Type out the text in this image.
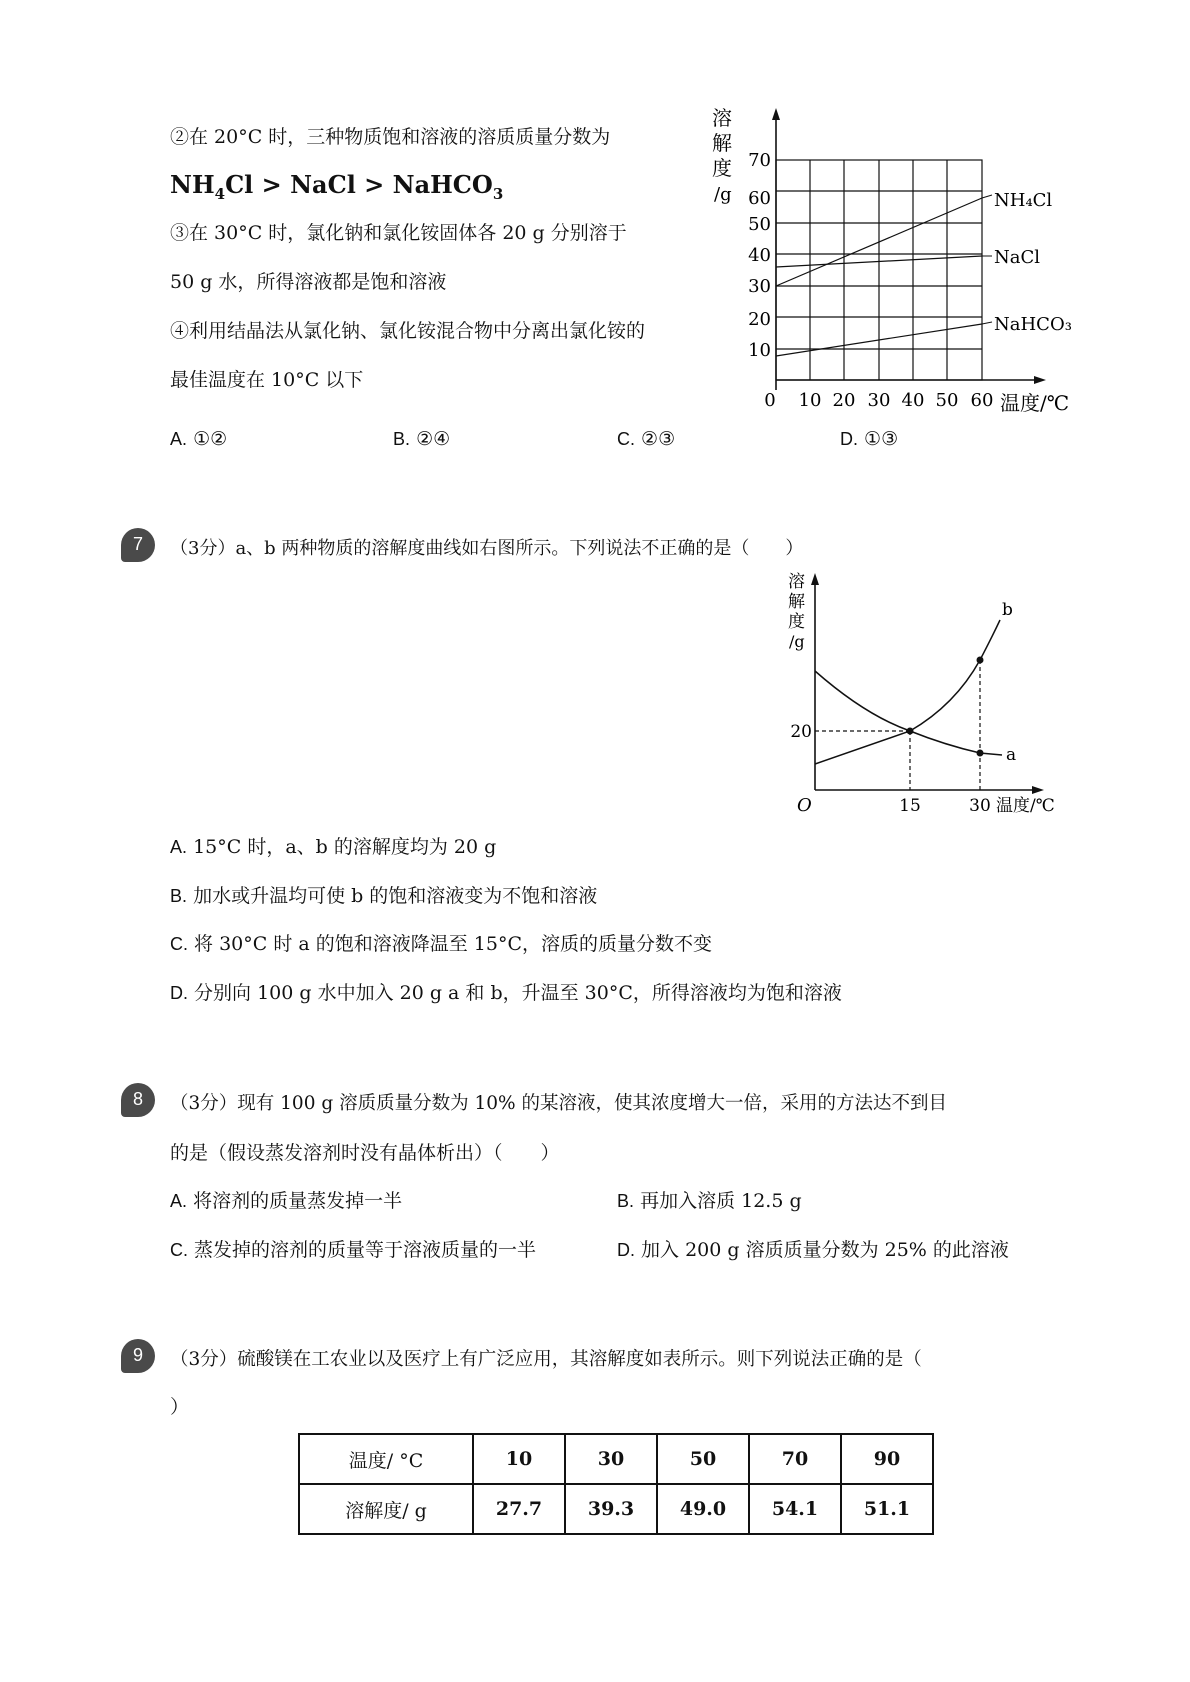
②在 20°C 时，三种物质饱和溶液的溶质质量分数为
$NH_4Cl$ > NaCl > NaHCO$_3$
③在 30°C 时，氯化钠和氯化铵固体各 20 g 分别溶于
50 g 水，所得溶液都是饱和溶液
④利用结晶法从氯化钠、氯化铵混合物中分离出氯化铵的
最佳温度在 10°C 以下
A. ①②	B. ②④	C. ②③	D. ①③
溶
解
度
/g
70
60
50
40
30
20
10
0 10 20 30 40 50 60 温度/℃
NH₄Cl
NaCl
NaHCO₃
7	（3分）a、b 两种物质的溶解度曲线如右图所示。下列说法不正确的是（　　）
溶
解
度
/g
20
O	15	30 温度/℃
a
b
A. 15°C 时，a、b 的溶解度均为 20 g
B. 加水或升温均可使 b 的饱和溶液变为不饱和溶液
C. 将 30°C 时 a 的饱和溶液降温至 15°C，溶质的质量分数不变
D. 分别向 100 g 水中加入 20 g a 和 b，升温至 30°C，所得溶液均为饱和溶液
8	（3分）现有 100 g 溶质质量分数为 10% 的某溶液，使其浓度增大一倍，采用的方法达不到目
的是（假设蒸发溶剂时没有晶体析出）（　　）
A. 将溶剂的质量蒸发掉一半	B. 再加入溶质 12.5 g
C. 蒸发掉的溶剂的质量等于溶液质量的一半	D. 加入 200 g 溶质质量分数为 25% 的此溶液
9	（3分）硫酸镁在工农业以及医疗上有广泛应用，其溶解度如表所示。则下列说法正确的是（
）
温度/ °C	10	30	50	70	90
溶解度/ g	27.7	39.3	49.0	54.1	51.1
